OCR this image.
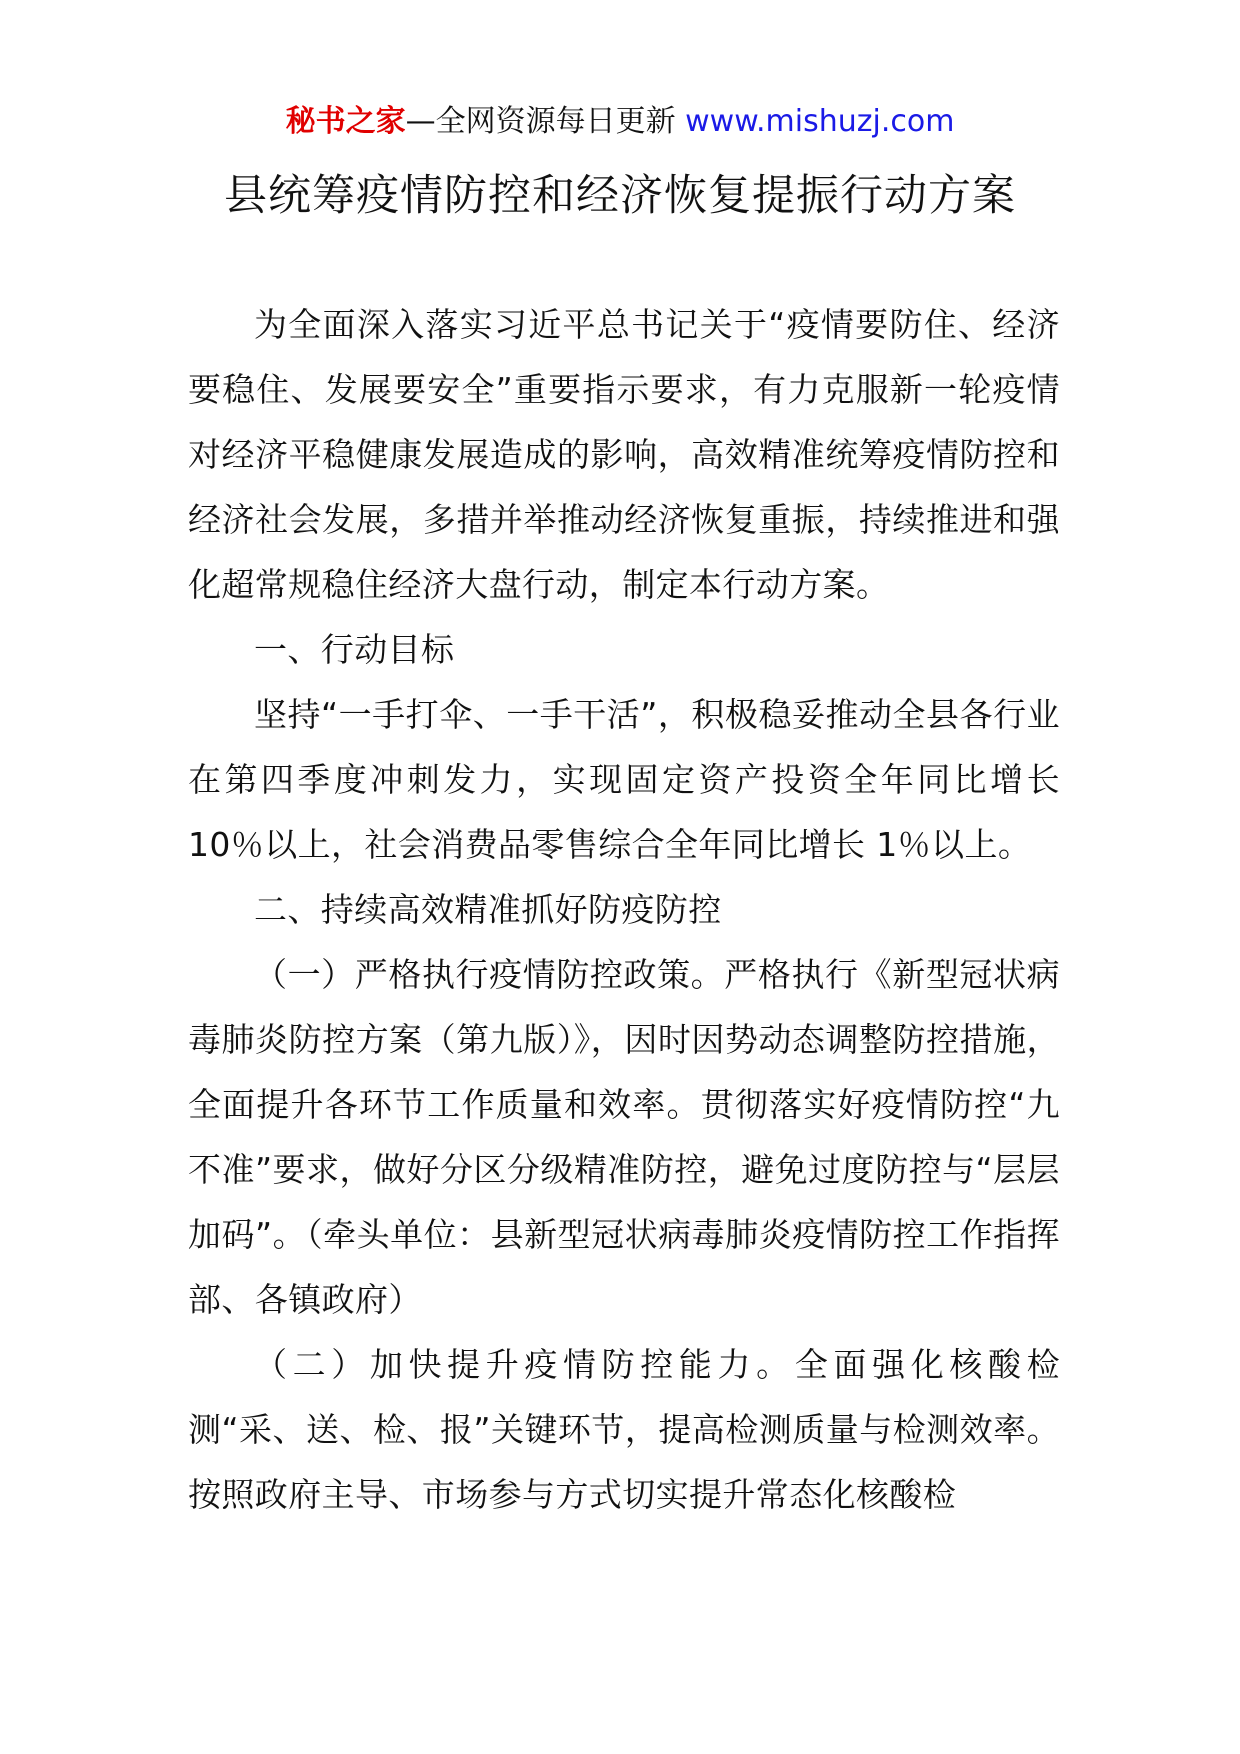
秘书之家—全网资源每日更新 www.mishuzj.com
县统筹疫情防控和经济恢复提振行动方案

为全面深入落实习近平总书记关于“疫情要防住、经济要稳住、发展要安全”重要指示要求，有力克服新一轮疫情对经济平稳健康发展造成的影响，高效精准统筹疫情防控和经济社会发展，多措并举推动经济恢复重振，持续推进和强化超常规稳住经济大盘行动，制定本行动方案。

一、行动目标

坚持“一手打伞、一手干活”，积极稳妥推动全县各行业在第四季度冲刺发力，实现固定资产投资全年同比增长 10％以上，社会消费品零售综合全年同比增长 1％以上。

二、持续高效精准抓好防疫防控

（一）严格执行疫情防控政策。严格执行《新型冠状病毒肺炎防控方案（第九版）》，因时因势动态调整防控措施，全面提升各环节工作质量和效率。贯彻落实好疫情防控“九不准”要求，做好分区分级精准防控，避免过度防控与“层层加码”。（牵头单位：县新型冠状病毒肺炎疫情防控工作指挥部、各镇政府）

（二）加快提升疫情防控能力。全面强化核酸检测“采、送、检、报”关键环节，提高检测质量与检测效率。按照政府主导、市场参与方式切实提升常态化核酸检
